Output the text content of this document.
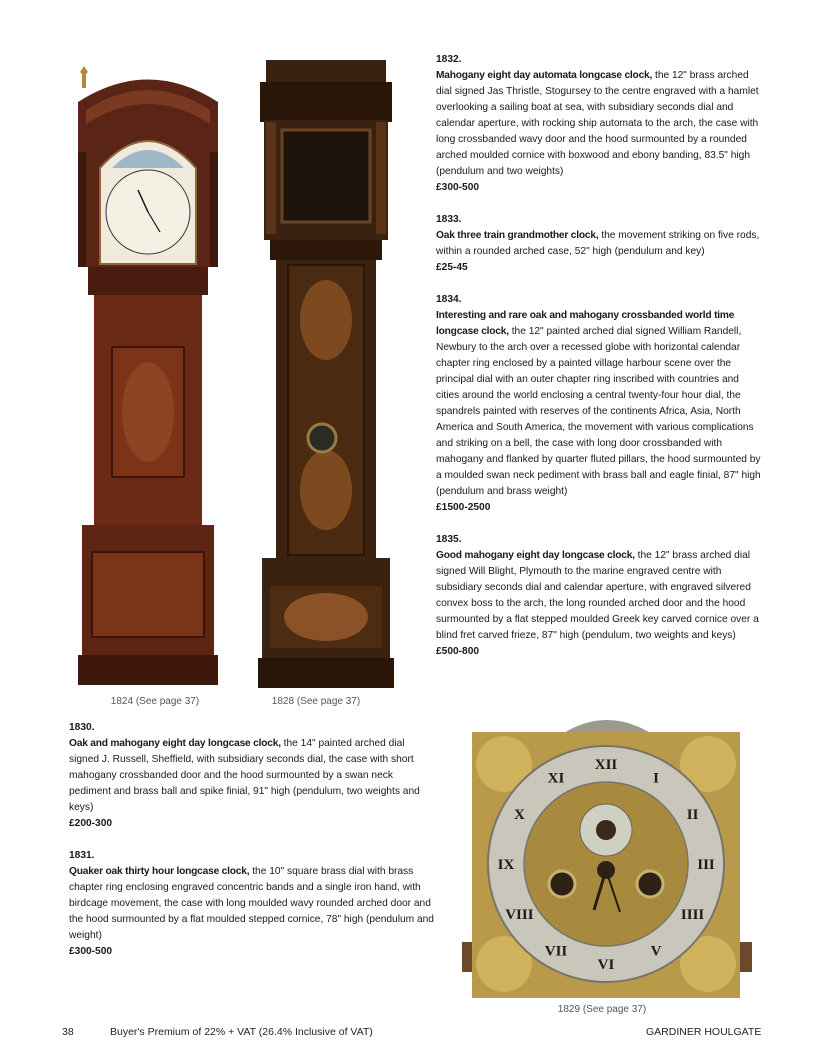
1824 (See page 37)	1828 (See page 37)
1832.
Mahogany eight day automata longcase clock, the 12" brass arched dial signed Jas Thristle, Stogursey to the centre engraved with a hamlet overlooking a sailing boat at sea, with subsidiary seconds dial and calendar aperture, with rocking ship automata to the arch, the case with long crossbanded wavy door and the hood surmounted by a rounded arched moulded cornice with boxwood and ebony banding, 83.5" high (pendulum and two weights)
£300-500
1833.
Oak three train grandmother clock, the movement striking on five rods, within a rounded arched case, 52" high (pendulum and key)
£25-45
1834.
Interesting and rare oak and mahogany crossbanded world time longcase clock, the 12" painted arched dial signed William Randell, Newbury to the arch over a recessed globe with horizontal calendar chapter ring enclosed by a painted village harbour scene over the principal dial with an outer chapter ring inscribed with countries and cities around the world enclosing a central twenty-four hour dial, the spandrels painted with reserves of the continents Africa, Asia, North America and South America, the movement with various complications and striking on a bell, the case with long door crossbanded with mahogany and flanked by quarter fluted pillars, the hood surmounted by a moulded swan neck pediment with brass ball and eagle finial, 87" high (pendulum and brass weight)
£1500-2500
1835.
Good mahogany eight day longcase clock, the 12" brass arched dial signed Will Blight, Plymouth to the marine engraved centre with subsidiary seconds dial and calendar aperture, with engraved silvered convex boss to the arch, the long rounded arched door and the hood surmounted by a flat stepped moulded Greek key carved cornice over a blind fret carved frieze, 87" high (pendulum, two weights and keys)
£500-800
1830.
Oak and mahogany eight day longcase clock, the 14" painted arched dial signed J. Russell, Sheffield, with subsidiary seconds dial, the case with short mahogany crossbanded door and the hood surmounted by a swan neck pediment and brass ball and spike finial, 91" high (pendulum, two weights and keys)
£200-300
1831.
Quaker oak thirty hour longcase clock, the 10" square brass dial with brass chapter ring enclosing engraved concentric bands and a single iron hand, with birdcage movement, the case with long moulded wavy rounded arched door and the hood surmounted by a flat moulded stepped cornice, 78" high (pendulum and weight)
£300-500
XII
I
II
III
IIII
V
VI
VII
VIII
IX
X
XI
1829 (See page 37)
38	Buyer's Premium of 22% + VAT (26.4% Inclusive of VAT)	GARDINER HOULGATE
